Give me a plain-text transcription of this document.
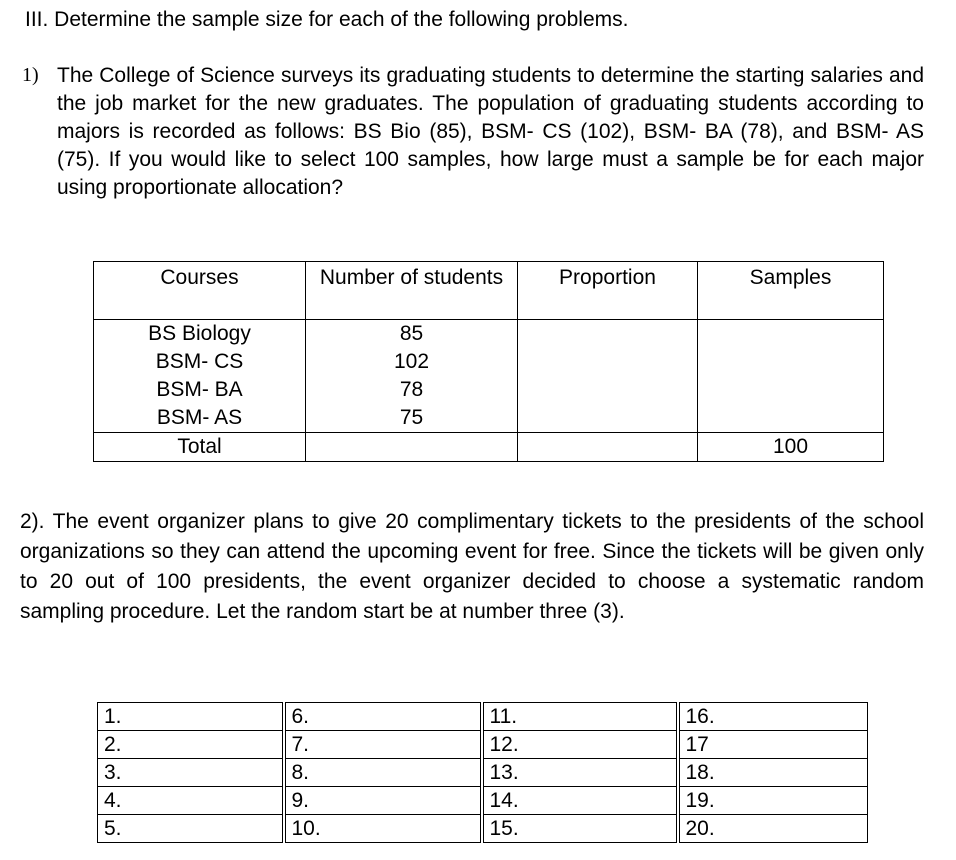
III. Determine the sample size for each of the following problems.
1) The College of Science surveys its graduating students to determine the starting salaries and the job market for the new graduates. The population of graduating students according to majors is recorded as follows: BS Bio (85), BSM- CS (102), BSM- BA (78), and BSM- AS (75). If you would like to select 100 samples, how large must a sample be for each major using proportionate allocation?
Courses	Number of students	Proportion	Samples
BS Biology	85		
BSM- CS	102		
BSM- BA	78		
BSM- AS	75		
Total			100
2). The event organizer plans to give 20 complimentary tickets to the presidents of the school organizations so they can attend the upcoming event for free. Since the tickets will be given only to 20 out of 100 presidents, the event organizer decided to choose a systematic random sampling procedure. Let the random start be at number three (3).
1.	6.	11.	16.
2.	7.	12.	17
3.	8.	13.	18.
4.	9.	14.	19.
5.	10.	15.	20.
